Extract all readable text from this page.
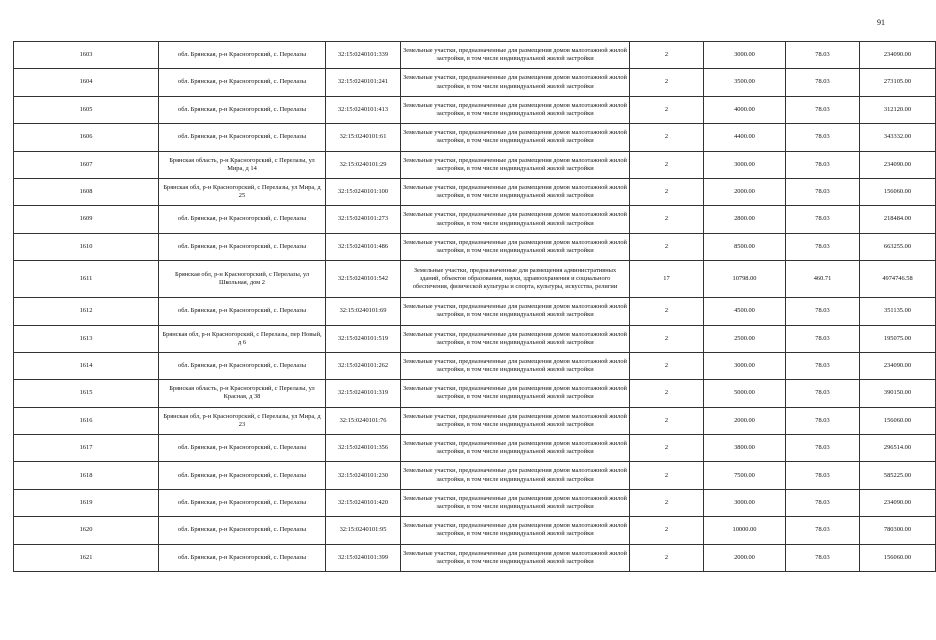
91
1603	обл. Брянская, р-н Красногорский, с. Перелазы	32:15:0240101:339	Земельные участки, предназначенные для размещения домов малоэтажной жилой застройки, в том числе индивидуальной жилой застройки	2	3000.00	78.03	234090.00
1604	обл. Брянская, р-н Красногорский, с. Перелазы	32:15:0240101:241	Земельные участки, предназначенные для размещения домов малоэтажной жилой застройки, в том числе индивидуальной жилой застройки	2	3500.00	78.03	273105.00
1605	обл. Брянская, р-н Красногорский, с. Перелазы	32:15:0240101:413	Земельные участки, предназначенные для размещения домов малоэтажной жилой застройки, в том числе индивидуальной жилой застройки	2	4000.00	78.03	312120.00
1606	обл. Брянская, р-н Красногорский, с. Перелазы	32:15:0240101:61	Земельные участки, предназначенные для размещения домов малоэтажной жилой застройки, в том числе индивидуальной жилой застройки	2	4400.00	78.03	343332.00
1607	Брянская область, р-н Красногорский, с Перелазы, ул Мира, д 14	32:15:0240101:29	Земельные участки, предназначенные для размещения домов малоэтажной жилой застройки, в том числе индивидуальной жилой застройки	2	3000.00	78.03	234090.00
1608	Брянская обл, р-н Красногорский, с Перелазы, ул Мира, д 25	32:15:0240101:100	Земельные участки, предназначенные для размещения домов малоэтажной жилой застройки, в том числе индивидуальной жилой застройки	2	2000.00	78.03	156060.00
1609	обл. Брянская, р-н Красногорский, с. Перелазы	32:15:0240101:273	Земельные участки, предназначенные для размещения домов малоэтажной жилой застройки, в том числе индивидуальной жилой застройки	2	2800.00	78.03	218484.00
1610	обл. Брянская, р-н Красногорский, с. Перелазы	32:15:0240101:486	Земельные участки, предназначенные для размещения домов малоэтажной жилой застройки, в том числе индивидуальной жилой застройки	2	8500.00	78.03	663255.00
1611	Брянская обл, р-н Красногорский, с Перелазы, ул Школьная, дом 2	32:15:0240101:542	Земельные участки, предназначенные для размещения административных зданий, объектов образования, науки, здравоохранения и социального обеспечения, физической культуры и спорта, культуры, искусства, религии	17	10798.00	460.71	4974746.58
1612	обл. Брянская, р-н Красногорский, с. Перелазы	32:15:0240101:69	Земельные участки, предназначенные для размещения домов малоэтажной жилой застройки, в том числе индивидуальной жилой застройки	2	4500.00	78.03	351135.00
1613	Брянская обл, р-н Красногорский, с Перелазы, пер Новый, д 6	32:15:0240101:519	Земельные участки, предназначенные для размещения домов малоэтажной жилой застройки, в том числе индивидуальной жилой застройки	2	2500.00	78.03	195075.00
1614	обл. Брянская, р-н Красногорский, с. Перелазы	32:15:0240101:262	Земельные участки, предназначенные для размещения домов малоэтажной жилой застройки, в том числе индивидуальной жилой застройки	2	3000.00	78.03	234090.00
1615	Брянская область, р-н Красногорский, с Перелазы, ул Красная, д 38	32:15:0240101:319	Земельные участки, предназначенные для размещения домов малоэтажной жилой застройки, в том числе индивидуальной жилой застройки	2	5000.00	78.03	390150.00
1616	Брянская обл, р-н Красногорский, с Перелазы, ул Мира, д 23	32:15:0240101:76	Земельные участки, предназначенные для размещения домов малоэтажной жилой застройки, в том числе индивидуальной жилой застройки	2	2000.00	78.03	156060.00
1617	обл. Брянская, р-н Красногорский, с. Перелазы	32:15:0240101:356	Земельные участки, предназначенные для размещения домов малоэтажной жилой застройки, в том числе индивидуальной жилой застройки	2	3800.00	78.03	296514.00
1618	обл. Брянская, р-н Красногорский, с. Перелазы	32:15:0240101:230	Земельные участки, предназначенные для размещения домов малоэтажной жилой застройки, в том числе индивидуальной жилой застройки	2	7500.00	78.03	585225.00
1619	обл. Брянская, р-н Красногорский, с. Перелазы	32:15:0240101:420	Земельные участки, предназначенные для размещения домов малоэтажной жилой застройки, в том числе индивидуальной жилой застройки	2	3000.00	78.03	234090.00
1620	обл. Брянская, р-н Красногорский, с. Перелазы	32:15:0240101:95	Земельные участки, предназначенные для размещения домов малоэтажной жилой застройки, в том числе индивидуальной жилой застройки	2	10000.00	78.03	780300.00
1621	обл. Брянская, р-н Красногорский, с. Перелазы	32:15:0240101:399	Земельные участки, предназначенные для размещения домов малоэтажной жилой застройки, в том числе индивидуальной жилой застройки	2	2000.00	78.03	156060.00
